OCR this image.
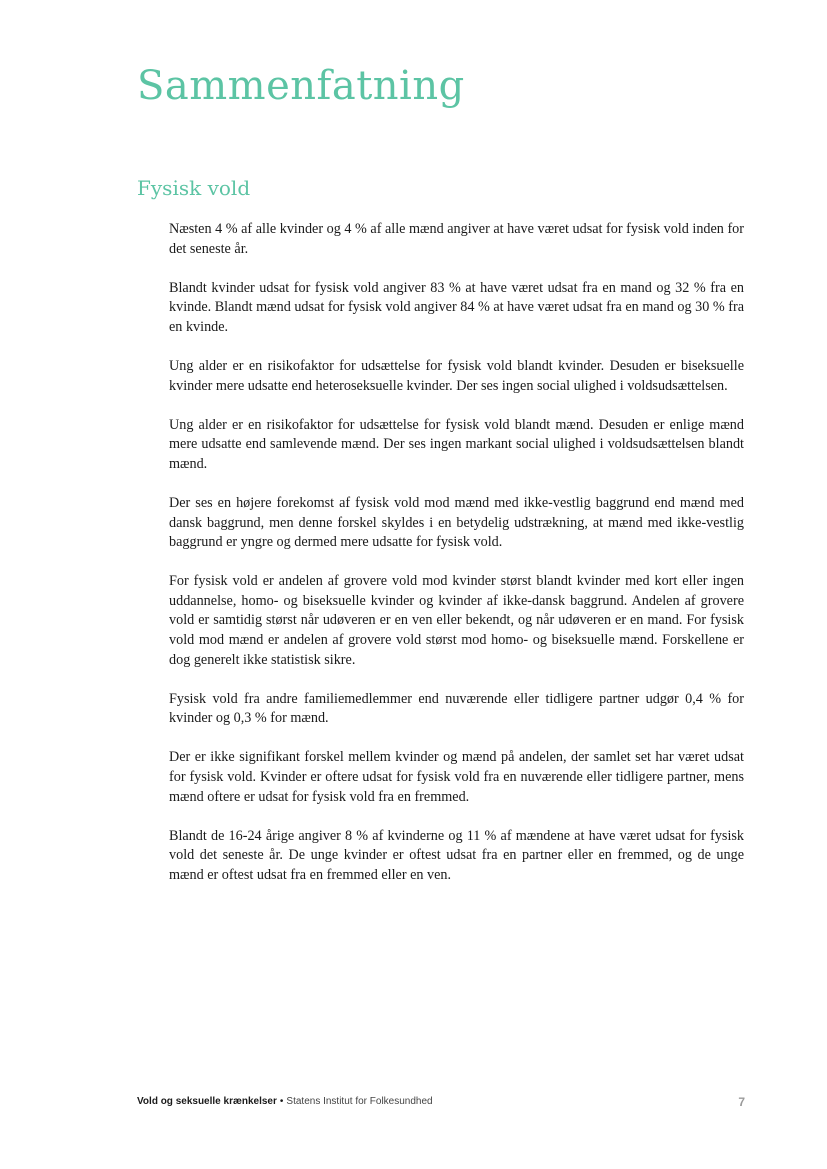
Sammenfatning
Fysisk vold

Næsten 4 % af alle kvinder og 4 % af alle mænd angiver at have været udsat for fysisk vold inden for det seneste år.

Blandt kvinder udsat for fysisk vold angiver 83 % at have været udsat fra en mand og 32 % fra en kvinde. Blandt mænd udsat for fysisk vold angiver 84 % at have været udsat fra en mand og 30 % fra en kvinde.

Ung alder er en risikofaktor for udsættelse for fysisk vold blandt kvinder. Desuden er biseksuelle kvinder mere udsatte end heteroseksuelle kvinder. Der ses ingen social ulighed i voldsudsættelsen.

Ung alder er en risikofaktor for udsættelse for fysisk vold blandt mænd. Desuden er enlige mænd mere udsatte end samlevende mænd. Der ses ingen markant social ulighed i voldsudsættelsen blandt mænd.

Der ses en højere forekomst af fysisk vold mod mænd med ikke-vestlig baggrund end mænd med dansk baggrund, men denne forskel skyldes i en betydelig udstrækning, at mænd med ikke-vestlig baggrund er yngre og dermed mere udsatte for fysisk vold.

For fysisk vold er andelen af grovere vold mod kvinder størst blandt kvinder med kort eller ingen uddannelse, homo- og biseksuelle kvinder og kvinder af ikke-dansk baggrund. Andelen af grovere vold er samtidig størst når udøveren er en ven eller bekendt, og når udøveren er en mand. For fysisk vold mod mænd er andelen af grovere vold størst mod homo- og biseksuelle mænd. Forskellene er dog generelt ikke statistisk sikre.

Fysisk vold fra andre familiemedlemmer end nuværende eller tidligere partner udgør 0,4 % for kvinder og 0,3 % for mænd.

Der er ikke signifikant forskel mellem kvinder og mænd på andelen, der samlet set har været udsat for fysisk vold. Kvinder er oftere udsat for fysisk vold fra en nuværende eller tidligere partner, mens mænd oftere er udsat for fysisk vold fra en fremmed.

Blandt de 16-24 årige angiver 8 % af kvinderne og 11 % af mændene at have været udsat for fysisk vold det seneste år. De unge kvinder er oftest udsat fra en partner eller en fremmed, og de unge mænd er oftest udsat fra en fremmed eller en ven.

Vold og seksuelle krænkelser • Statens Institut for Folkesundhed	7
